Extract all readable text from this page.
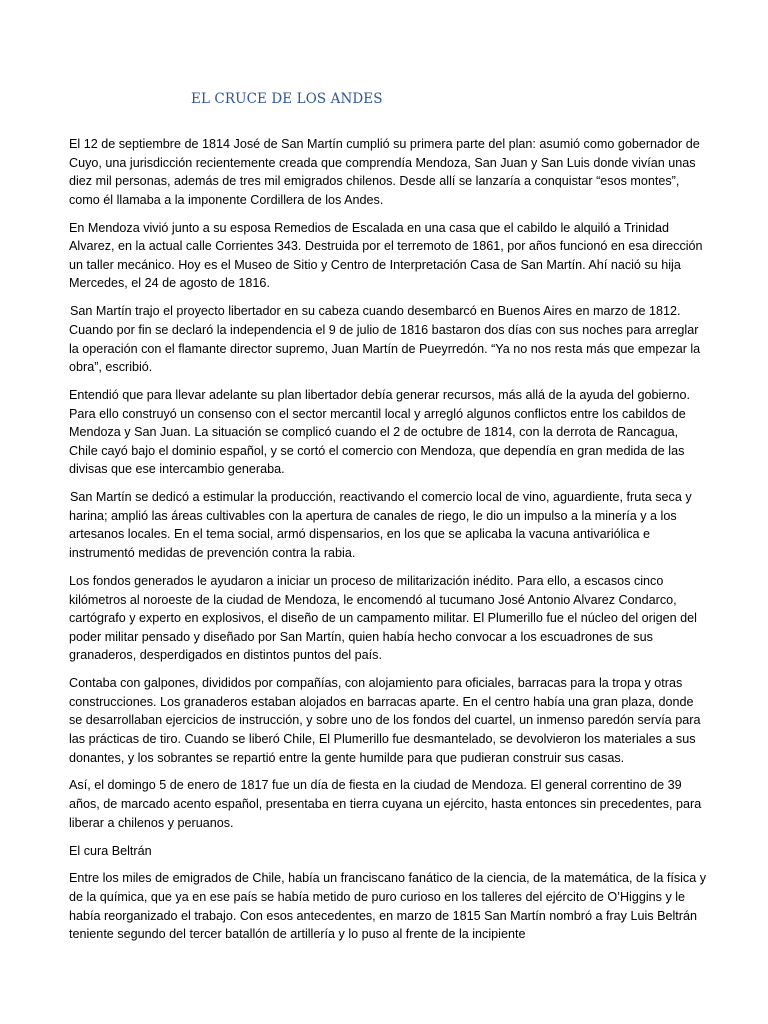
EL CRUCE DE LOS ANDES

El 12 de septiembre de 1814 José de San Martín cumplió su primera parte del plan: asumió como gobernador de Cuyo, una jurisdicción recientemente creada que comprendía Mendoza, San Juan y San Luis donde vivían unas diez mil personas, además de tres mil emigrados chilenos. Desde allí se lanzaría a conquistar “esos montes”, como él llamaba a la imponente Cordillera de los Andes.

En Mendoza vivió junto a su esposa Remedios de Escalada en una casa que el cabildo le alquiló a Trinidad Alvarez, en la actual calle Corrientes 343. Destruida por el terremoto de 1861, por años funcionó en esa dirección un taller mecánico. Hoy es el Museo de Sitio y Centro de Interpretación Casa de San Martín. Ahí nació su hija Mercedes, el 24 de agosto de 1816.

San Martín trajo el proyecto libertador en su cabeza cuando desembarcó en Buenos Aires en marzo de 1812. Cuando por fin se declaró la independencia el 9 de julio de 1816 bastaron dos días con sus noches para arreglar la operación con el flamante director supremo, Juan Martín de Pueyrredón. “Ya no nos resta más que empezar la obra”, escribió.

Entendió que para llevar adelante su plan libertador debía generar recursos, más allá de la ayuda del gobierno. Para ello construyó un consenso con el sector mercantil local y arregló algunos conflictos entre los cabildos de Mendoza y San Juan. La situación se complicó cuando el 2 de octubre de 1814, con la derrota de Rancagua, Chile cayó bajo el dominio español, y se cortó el comercio con Mendoza, que dependía en gran medida de las divisas que ese intercambio generaba.

San Martín se dedicó a estimular la producción, reactivando el comercio local de vino, aguardiente, fruta seca y harina; amplió las áreas cultivables con la apertura de canales de riego, le dio un impulso a la minería y a los artesanos locales. En el tema social, armó dispensarios, en los que se aplicaba la vacuna antivariólica e instrumentó medidas de prevención contra la rabia.

Los fondos generados le ayudaron a iniciar un proceso de militarización inédito. Para ello, a escasos cinco kilómetros al noroeste de la ciudad de Mendoza, le encomendó al tucumano José Antonio Alvarez Condarco, cartógrafo y experto en explosivos, el diseño de un campamento militar. El Plumerillo fue el núcleo del origen del poder militar pensado y diseñado por San Martín, quien había hecho convocar a los escuadrones de sus granaderos, desperdigados en distintos puntos del país.

Contaba con galpones, divididos por compañías, con alojamiento para oficiales, barracas para la tropa y otras construcciones. Los granaderos estaban alojados en barracas aparte. En el centro había una gran plaza, donde se desarrollaban ejercicios de instrucción, y sobre uno de los fondos del cuartel, un inmenso paredón servía para las prácticas de tiro. Cuando se liberó Chile, El Plumerillo fue desmantelado, se devolvieron los materiales a sus donantes, y los sobrantes se repartió entre la gente humilde para que pudieran construir sus casas.

Así, el domingo 5 de enero de 1817 fue un día de fiesta en la ciudad de Mendoza. El general correntino de 39 años, de marcado acento español, presentaba en tierra cuyana un ejército, hasta entonces sin precedentes, para liberar a chilenos y peruanos.

El cura Beltrán

Entre los miles de emigrados de Chile, había un franciscano fanático de la ciencia, de la matemática, de la física y de la química, que ya en ese país se había metido de puro curioso en los talleres del ejército de O’Higgins y le había reorganizado el trabajo. Con esos antecedentes, en marzo de 1815 San Martín nombró a fray Luis Beltrán teniente segundo del tercer batallón de artillería y lo puso al frente de la incipiente
